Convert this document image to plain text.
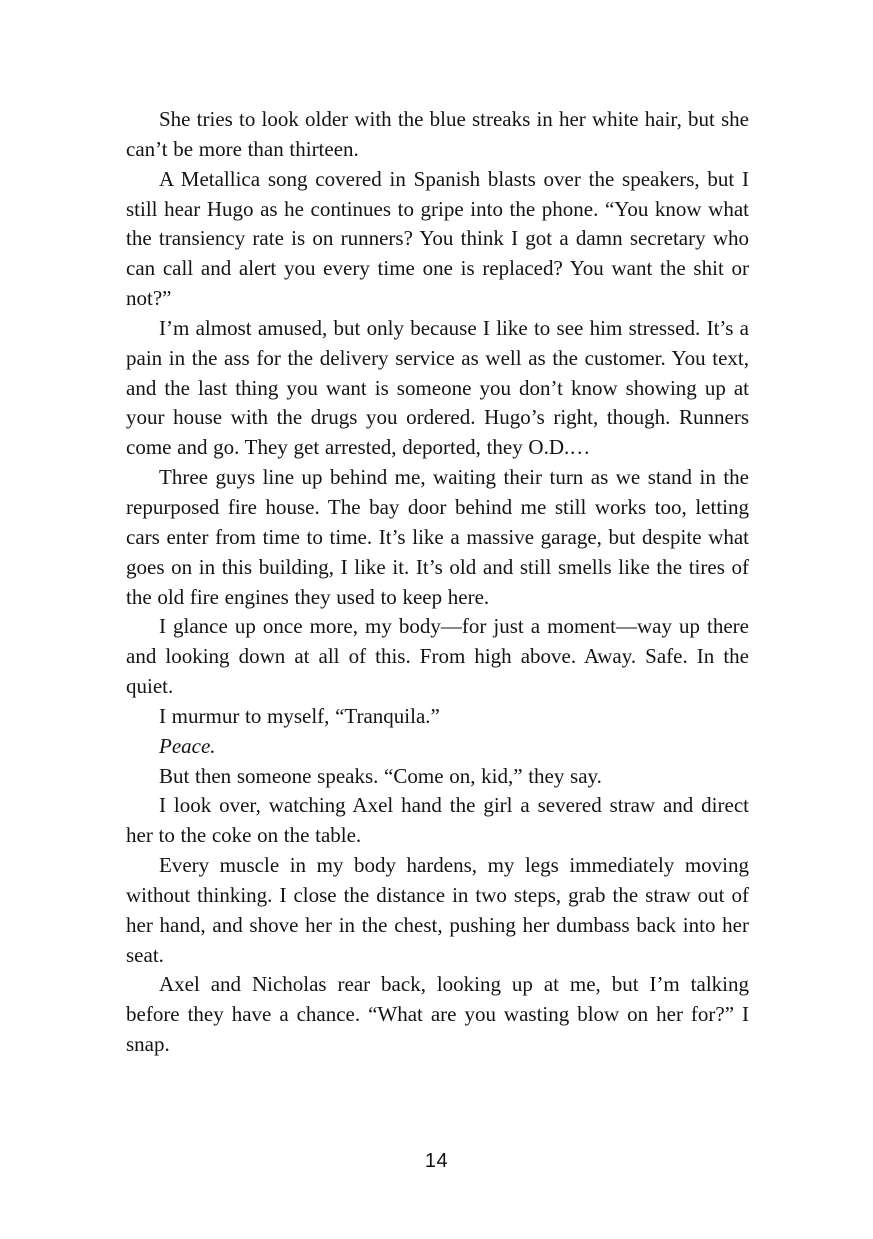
She tries to look older with the blue streaks in her white hair, but she can’t be more than thirteen.

A Metallica song covered in Spanish blasts over the speakers, but I still hear Hugo as he continues to gripe into the phone. “You know what the transiency rate is on runners? You think I got a damn secretary who can call and alert you every time one is replaced? You want the shit or not?”

I’m almost amused, but only because I like to see him stressed. It’s a pain in the ass for the delivery service as well as the customer. You text, and the last thing you want is someone you don’t know showing up at your house with the drugs you ordered. Hugo’s right, though. Runners come and go. They get arrested, deported, they O.D.…

Three guys line up behind me, waiting their turn as we stand in the repurposed fire house. The bay door behind me still works too, letting cars enter from time to time. It’s like a massive garage, but despite what goes on in this building, I like it. It’s old and still smells like the tires of the old fire engines they used to keep here.

I glance up once more, my body—for just a moment—way up there and looking down at all of this. From high above. Away. Safe. In the quiet.

I murmur to myself, “Tranquila.”

Peace.

But then someone speaks. “Come on, kid,” they say.

I look over, watching Axel hand the girl a severed straw and direct her to the coke on the table.

Every muscle in my body hardens, my legs immediately moving without thinking. I close the distance in two steps, grab the straw out of her hand, and shove her in the chest, pushing her dumbass back into her seat.

Axel and Nicholas rear back, looking up at me, but I’m talking before they have a chance. “What are you wasting blow on her for?” I snap.

14
